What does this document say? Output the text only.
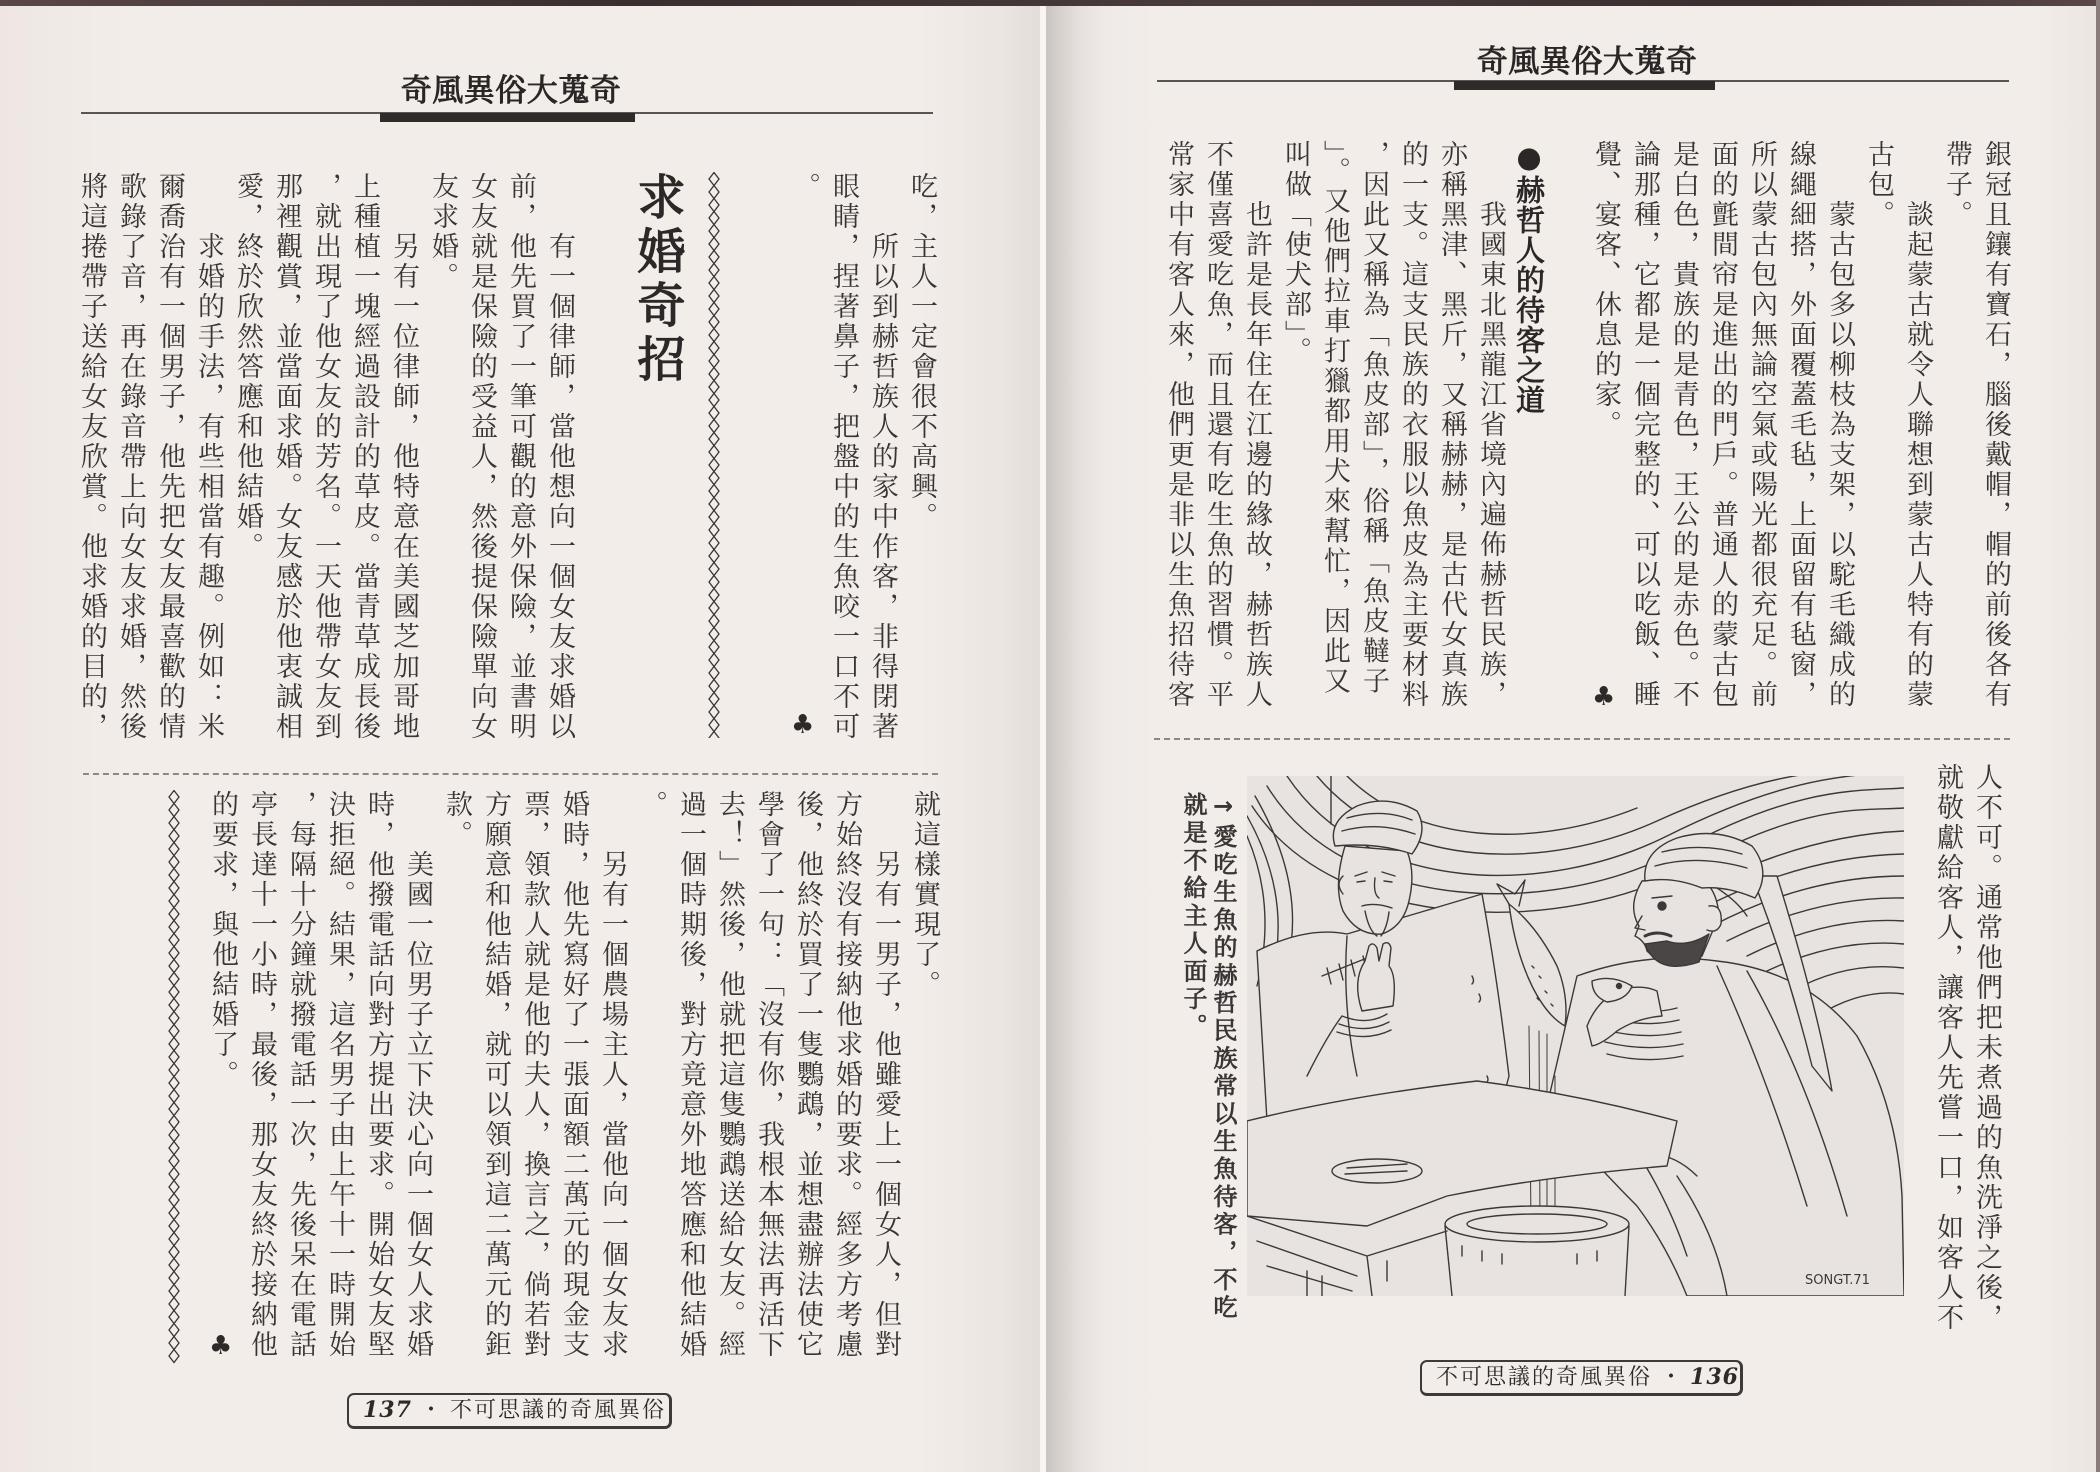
奇風異俗大蒐奇
吃，主人一定會很不高興。
所以到赫哲族人的家中作客，非得閉著
眼睛，捏著鼻子，把盤中的生魚咬一口不可
。
♣
求婚奇招
有一個律師，當他想向一個女友求婚以
前，他先買了一筆可觀的意外保險，並書明
女友就是保險的受益人，然後提保險單向女
友求婚。
另有一位律師，他特意在美國芝加哥地
上種植一塊經過設計的草皮。當青草成長後
，就出現了他女友的芳名。一天他帶女友到
那裡觀賞，並當面求婚。女友感於他衷誠相
愛，終於欣然答應和他結婚。
求婚的手法，有些相當有趣。例如：米
爾喬治有一個男子，他先把女友最喜歡的情
歌錄了音，再在錄音帶上向女友求婚，然後
將這捲帶子送給女友欣賞。他求婚的目的，
就這樣實現了。
另有一男子，他雖愛上一個女人，但對
方始終沒有接納他求婚的要求。經多方考慮
後，他終於買了一隻鸚鵡，並想盡辦法使它
學會了一句：「沒有你，我根本無法再活下
去！」然後，他就把這隻鸚鵡送給女友。經
過一個時期後，對方竟意外地答應和他結婚
。
另有一個農場主人，當他向一個女友求
婚時，他先寫好了一張面額二萬元的現金支
票，領款人就是他的夫人，換言之，倘若對
方願意和他結婚，就可以領到這二萬元的鉅
款。
美國一位男子立下決心向一個女人求婚
時，他撥電話向對方提出要求。開始女友堅
決拒絕。結果，這名男子由上午十一時開始
，每隔十分鐘就撥電話一次，先後呆在電話
亭長達十一小時，最後，那女友終於接納他
的要求，與他結婚了。
♣
137 ・ 不可思議的奇風異俗
奇風異俗大蒐奇
銀冠且鑲有寶石，腦後戴帽，帽的前後各有
帶子。
談起蒙古就令人聯想到蒙古人特有的蒙
古包。
蒙古包多以柳枝為支架，以駝毛織成的
線繩細搭，外面覆蓋毛毡，上面留有毡窗，
所以蒙古包內無論空氣或陽光都很充足。前
面的氈間帘是進出的門戶。普通人的蒙古包
是白色，貴族的是青色，王公的是赤色。不
論那種，它都是一個完整的、可以吃飯、睡
覺、宴客、休息的家。
●赫哲人的待客之道
我國東北黑龍江省境內遍佈赫哲民族，
亦稱黑津、黑斤，又稱赫赫，是古代女真族
的一支。這支民族的衣服以魚皮為主要材料
，因此又稱為「魚皮部」，俗稱「魚皮韃子
」。又他們拉車打獵都用犬來幫忙，因此又
叫做「使犬部」。
也許是長年住在江邊的緣故，赫哲族人
不僅喜愛吃魚，而且還有吃生魚的習慣。平
常家中有客人來，他們更是非以生魚招待客	♣
人不可。通常他們把未煮過的魚洗淨之後，
就敬獻給客人，讓客人先嘗一口，如客人不
SONGT.71
→愛吃生魚的赫哲民族常以生魚待客，不吃
就是不給主人面子。
不可思議的奇風異俗 ・ 136
